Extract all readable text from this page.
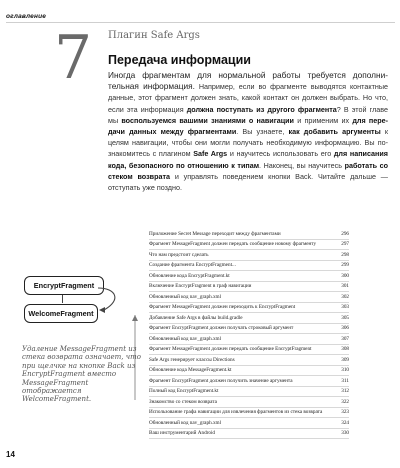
оглавление
7 Плагин Safe Args
Передача информации
Иногда фрагментам для нормальной работы требуется дополнительная информация. Например, если во фрагменте выводятся контактные данные, этот фрагмент должен знать, какой контакт он должен выбрать. Но что, если эта информация должна поступать из другого фрагмента? В этой главе мы воспользуемся вашими знаниями о навигации и применим их для передачи данных между фрагментами. Вы узнаете, как добавить аргументы к целям навигации, чтобы они могли получать необходимую информацию. Вы познакомитесь с плагином Safe Args и научитесь использовать его для написания кода, безопасного по отношению к типам. Наконец, вы научитесь работать со стеком возврата и управлять поведением кнопки Back. Читайте дальше — отступать уже поздно.
EncryptFragment
WelcomeFragment
Удаление MessageFragment из стека возврата означает, что при щелчке на кнопке Back из EncryptFragment вместо MessageFragment отображается WelcomeFragment.
Приложение Secret Message переходит между фрагментами	296
Фрагмент MessageFragment должен передать сообщение новому фрагменту	297
Что нам предстоит сделать	298
Создание фрагмента EncryptFragment...	299
Обновление кода EncryptFragment.kt	300
Включение EncryptFragment в граф навигации	301
Обновленный код nav_graph.xml	302
Фрагмент MessageFragment должен переходить к EncryptFragment	303
Добавление Safe Args в файлы build.gradle	305
Фрагмент EncryptFragment должен получать строковый аргумент	306
Обновленный код nav_graph.xml	307
Фрагмент MessageFragment должен передать сообщение EncryptFragment	308
Safe Args генерирует классы Directions	309
Обновление кода MessageFragment.kt	310
Фрагмент EncryptFragment должен получить значение аргумента	311
Полный код EncryptFragment.kt	312
Знакомство со стеком возврата	322
Использование графа навигации для извлечения фрагментов из стека возврата	323
Обновленный код nav_graph.xml	324
Ваш инструментарий Android	330
14
